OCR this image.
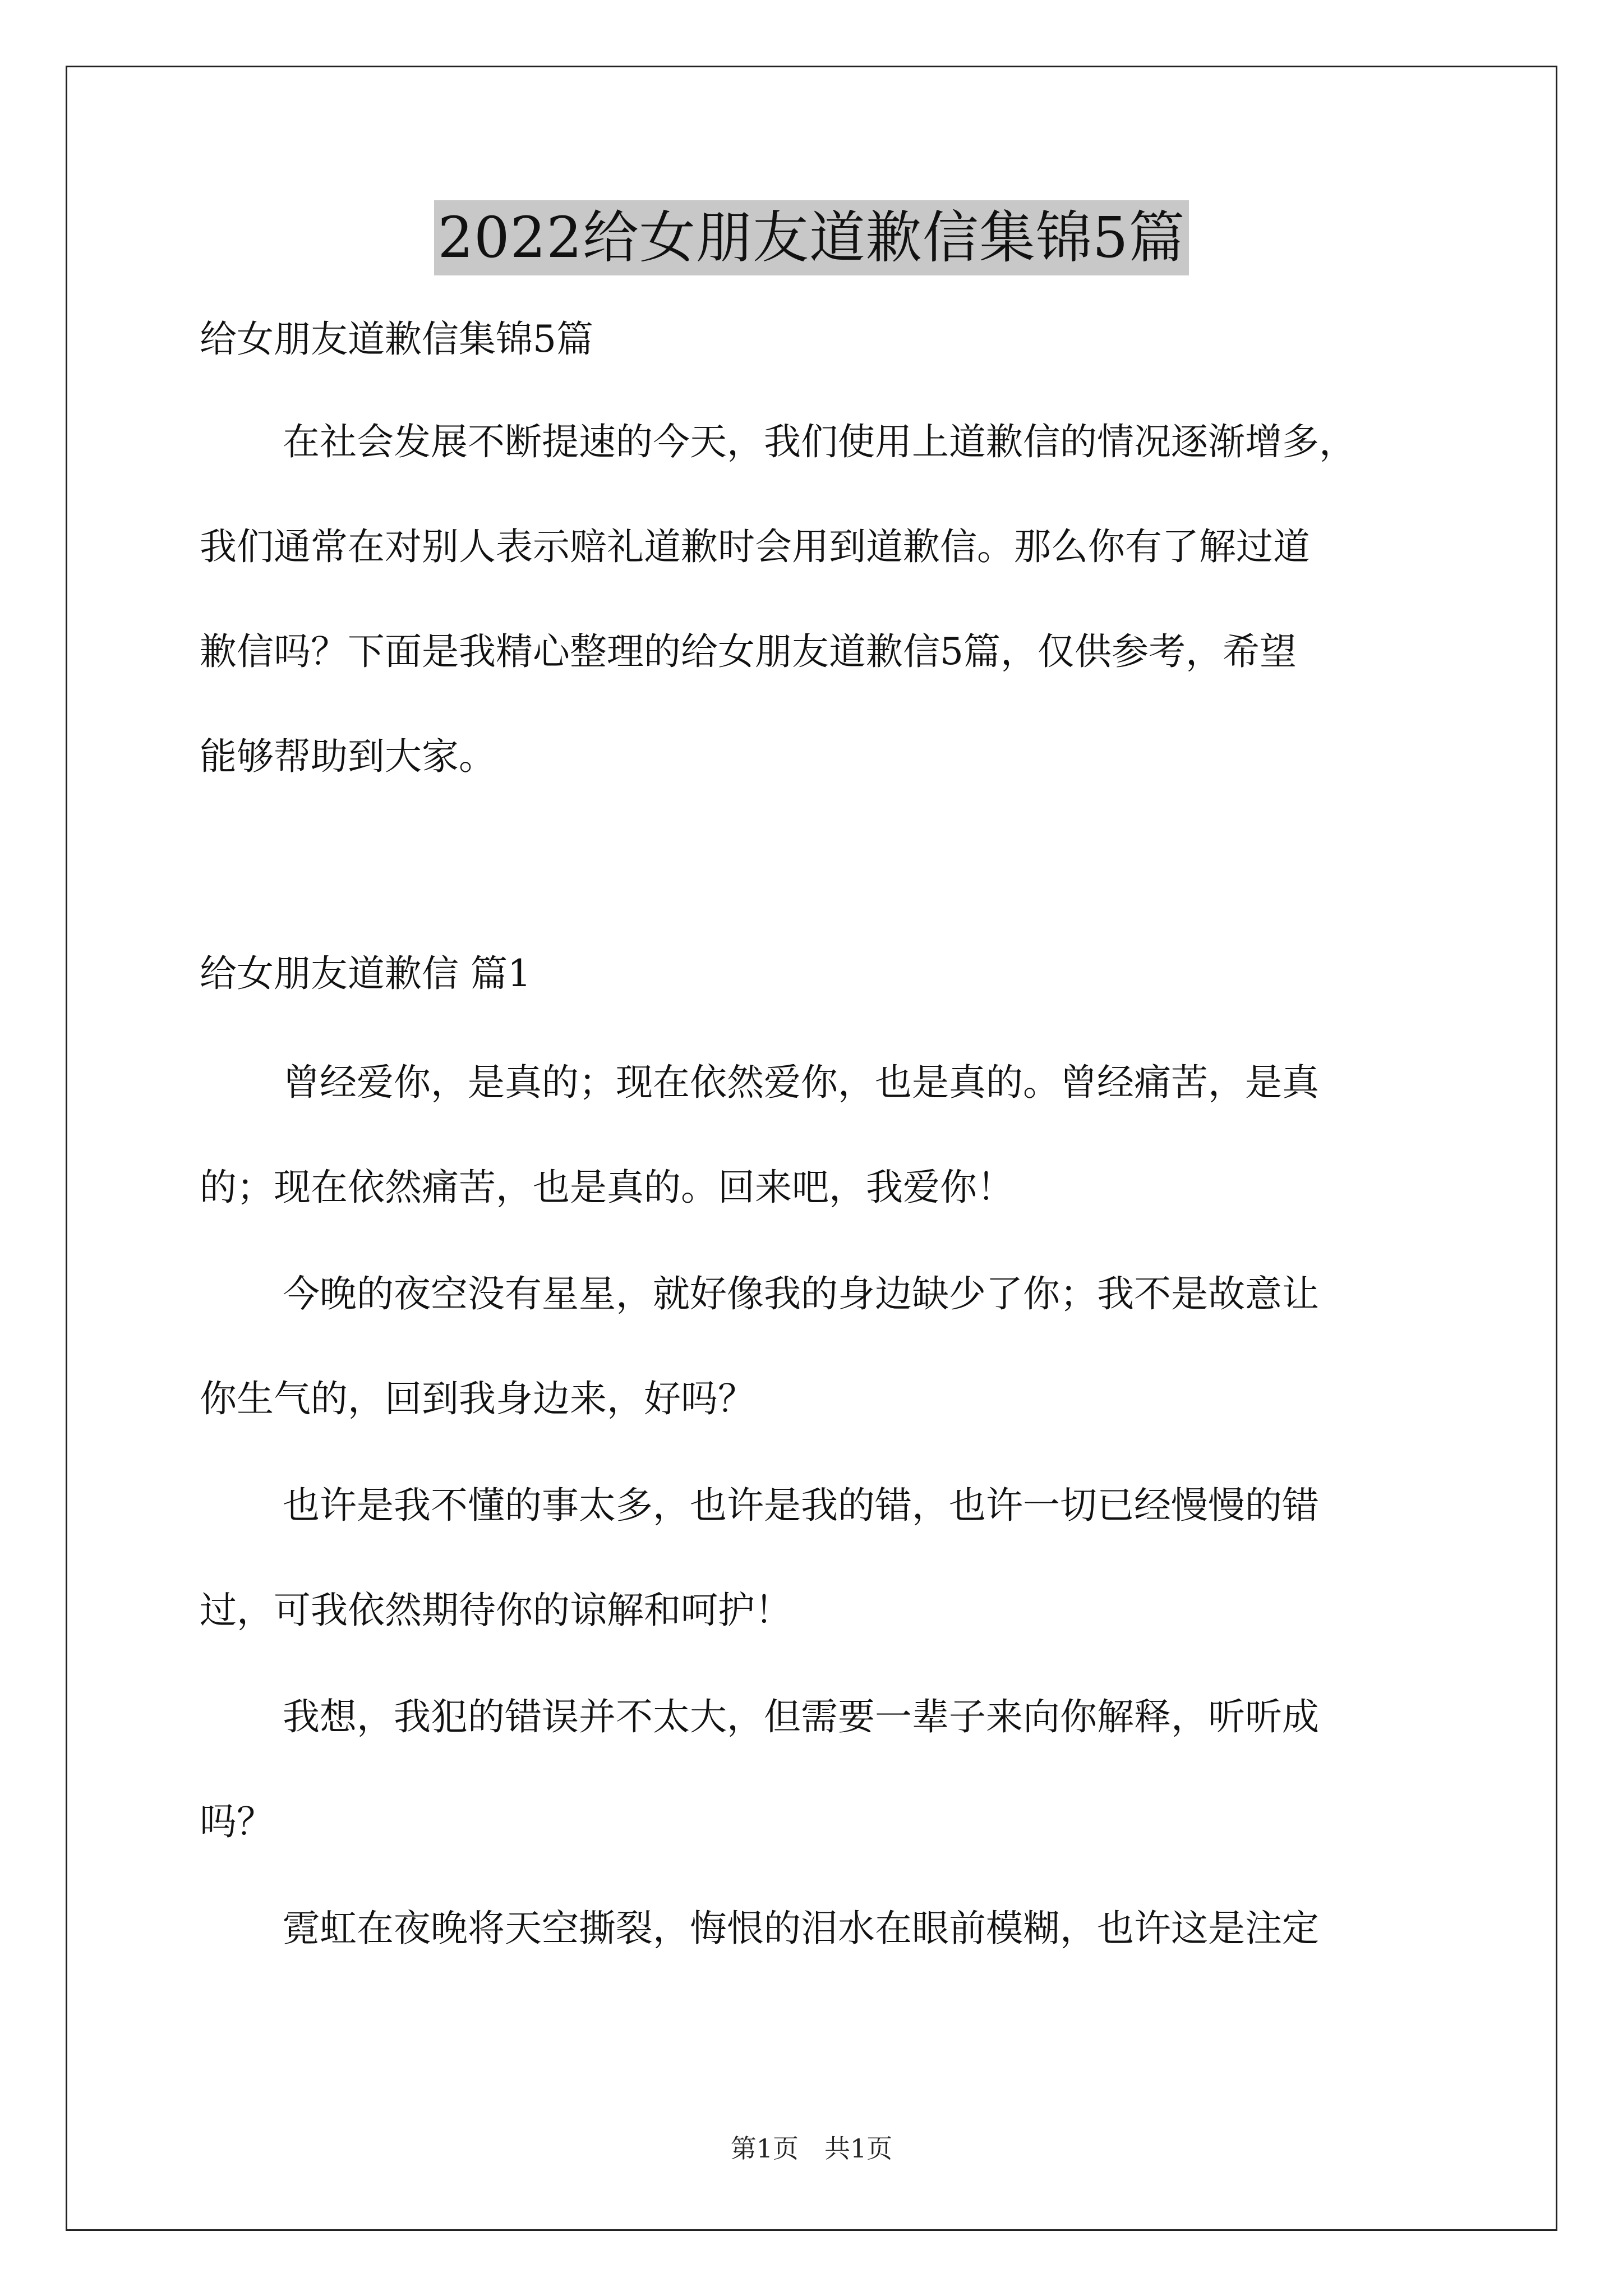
2022给女朋友道歉信集锦5篇
给女朋友道歉信集锦5篇
在社会发展不断提速的今天，我们使用上道歉信的情况逐渐增多，
我们通常在对别人表示赔礼道歉时会用到道歉信。那么你有了解过道
歉信吗？下面是我精心整理的给女朋友道歉信5篇，仅供参考，希望
能够帮助到大家。
给女朋友道歉信 篇1
曾经爱你，是真的；现在依然爱你，也是真的。曾经痛苦，是真
的；现在依然痛苦，也是真的。回来吧，我爱你！
今晚的夜空没有星星，就好像我的身边缺少了你；我不是故意让
你生气的，回到我身边来，好吗？
也许是我不懂的事太多，也许是我的错，也许一切已经慢慢的错
过，可我依然期待你的谅解和呵护！
我想，我犯的错误并不太大，但需要一辈子来向你解释，听听成
吗？
霓虹在夜晚将天空撕裂，悔恨的泪水在眼前模糊，也许这是注定
第1页　共1页
